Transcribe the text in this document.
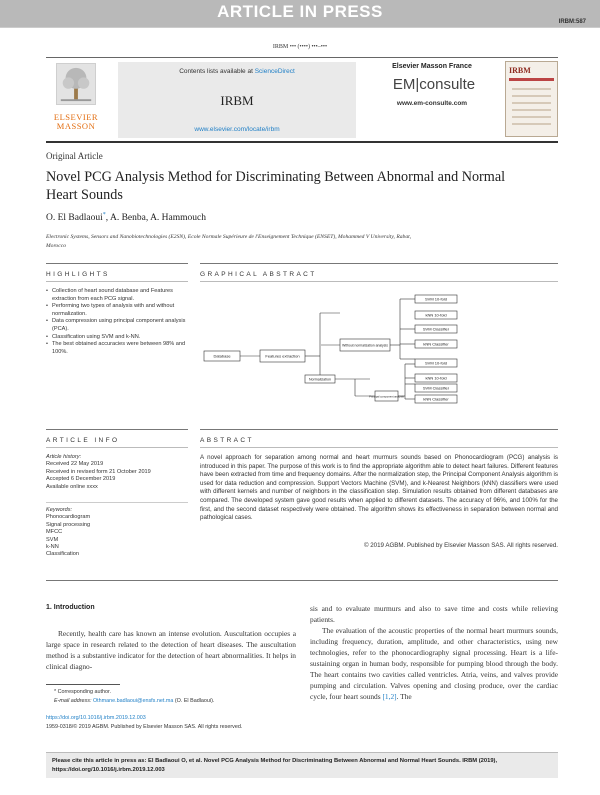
ARTICLE IN PRESS
IRBM:587
IRBM ••• (••••) •••–•••
ELSEVIER MASSON
Contents lists available at ScienceDirect
IRBM
www.elsevier.com/locate/irbm
Elsevier Masson France
EM|consulte
www.em-consulte.com
IRBM
Original Article
Novel PCG Analysis Method for Discriminating Between Abnormal and Normal Heart Sounds
O. El Badlaoui*, A. Benba, A. Hammouch
Electronic Systems, Sensors and Nanobiotechnologies (E2SN), Ecole Normale Supérieure de l'Enseignement Technique (ENSET), Mohammed V University, Rabat, Morocco
HIGHLIGHTS	GRAPHICAL ABSTRACT
• Collection of heart sound database and Features extraction from each PCG signal.
• Performing two types of analysis with and without normalization.
• Data compression using principal component analysis (PCA).
• Classification using SVM and k-NN.
• The best obtained accuracies were between 98% and 100%.
Database	Features extraction
Without normalization analysis
Normalization
Principal component analysis
SVM 10-fold
kNN 10-fold
SVM Classifier
kNN Classifier
SVM 10-fold
kNN 10-fold
SVM Classifier
kNN Classifier
ARTICLE INFO	ABSTRACT
Article history:
Received 22 May 2019
Received in revised form 21 October 2019
Accepted 6 December 2019
Available online xxxx
Keywords:
Phonocardiogram
Signal processing
MFCC
SVM
k-NN
Classification
A novel approach for separation among normal and heart murmurs sounds based on Phonocardiogram (PCG) analysis is introduced in this paper. The purpose of this work is to find the appropriate algorithm able to detect heart failures. Different features have been extracted from time and frequency domains. After the normalization step, the Principal Component Analysis algorithm is used for data reduction and compression. Support Vectors Machine (SVM), and k-Nearest Neighbors (kNN) classifiers were used with different kernels and number of neighbors in the classification step. Simulation results obtained from different databases are compared. The developed system gave good results when applied to different datasets. The accuracy of 96%, and 100% for the first, and the second dataset respectively were obtained. The algorithm shows its effectiveness in separation between normal and pathological cases.
© 2019 AGBM. Published by Elsevier Masson SAS. All rights reserved.
1. Introduction
Recently, health care has known an intense evolution. Auscultation occupies a large space in research related to the detection of heart diseases. The auscultation method is a substantive indicator for the detection of heart abnormalities. It helps in clinical diagno-
sis and to evaluate murmurs and also to save time and costs while relieving patients.
The evaluation of the acoustic properties of the normal heart murmurs sounds, including frequency, duration, amplitude, and other characteristics, using new technologies, refer to the phonocardiography signal processing. Heart is a life-sustaining organ in human body, responsible for pumping blood through the body. The heart contains two cavities called ventricles. Atria, veins, and valves provide pumping and circulation. Valves opening and closing produce, over the cardiac cycle, four heart sounds [1,2]. The
* Corresponding author.
E-mail address: Othmane.badlaoui@ensfs.net.ma (O. El Badlaoui).
https://doi.org/10.1016/j.irbm.2019.12.003
1959-0318/© 2019 AGBM. Published by Elsevier Masson SAS. All rights reserved.
Please cite this article in press as: El Badlaoui O, et al. Novel PCG Analysis Method for Discriminating Between Abnormal and Normal Heart Sounds. IRBM (2019), https://doi.org/10.1016/j.irbm.2019.12.003
